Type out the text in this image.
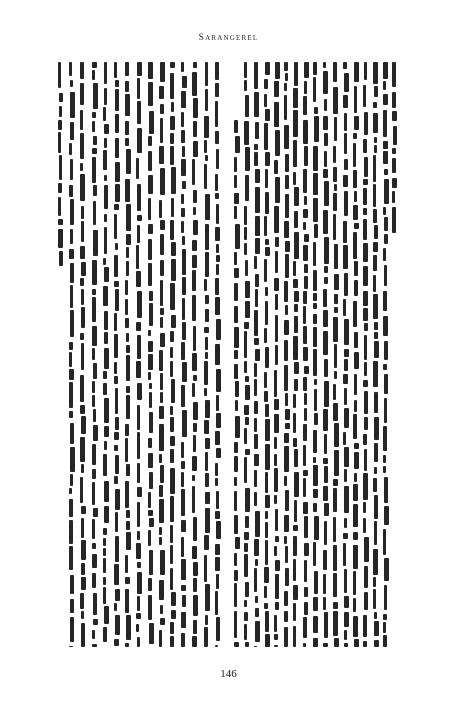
Sarangerel
146
